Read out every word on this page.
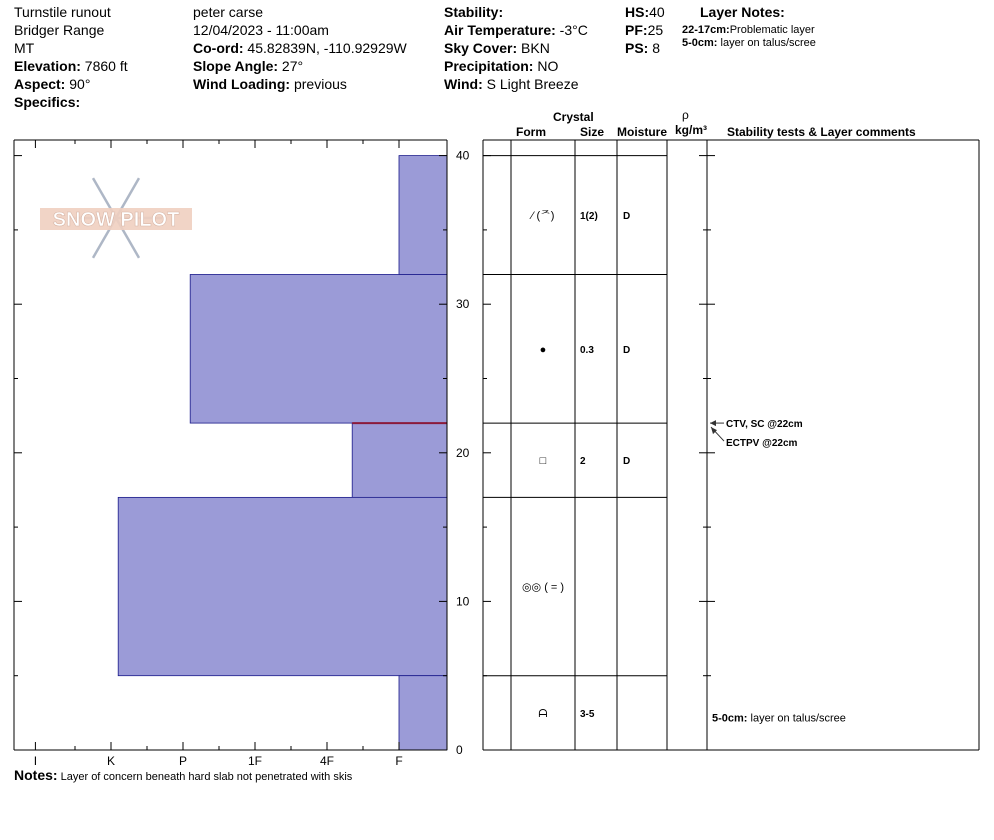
Turnstile runout
Bridger Range
MT
Elevation: 7860 ft
Aspect: 90°
Specifics:
peter carse
12/04/2023 - 11:00am
Co-ord: 45.82839N, -110.92929W
Slope Angle: 27°
Wind Loading: previous
Stability:
Air Temperature: -3°C
Sky Cover: BKN
Precipitation: NO
Wind: S Light Breeze
HS:40
PF:25
PS: 8
Layer Notes:
22-17cm:Problematic layer
5-0cm: layer on talus/scree
Crystal
Form	Size Moisture
ρ
kg/m³ Stability tests & Layer comments
I	K	P	1F	4F	F
0
10
20
30
40
SNOW PILOT	⁄ (ᄌ)	1(2)	D
●	0.3	D
□	2	D
◎◎ ( = )
ᗩ	3-5
CTV, SC @22cm
ECTPV @22cm
5-0cm: layer on talus/scree
Notes: Layer of concern beneath hard slab not penetrated with skis
